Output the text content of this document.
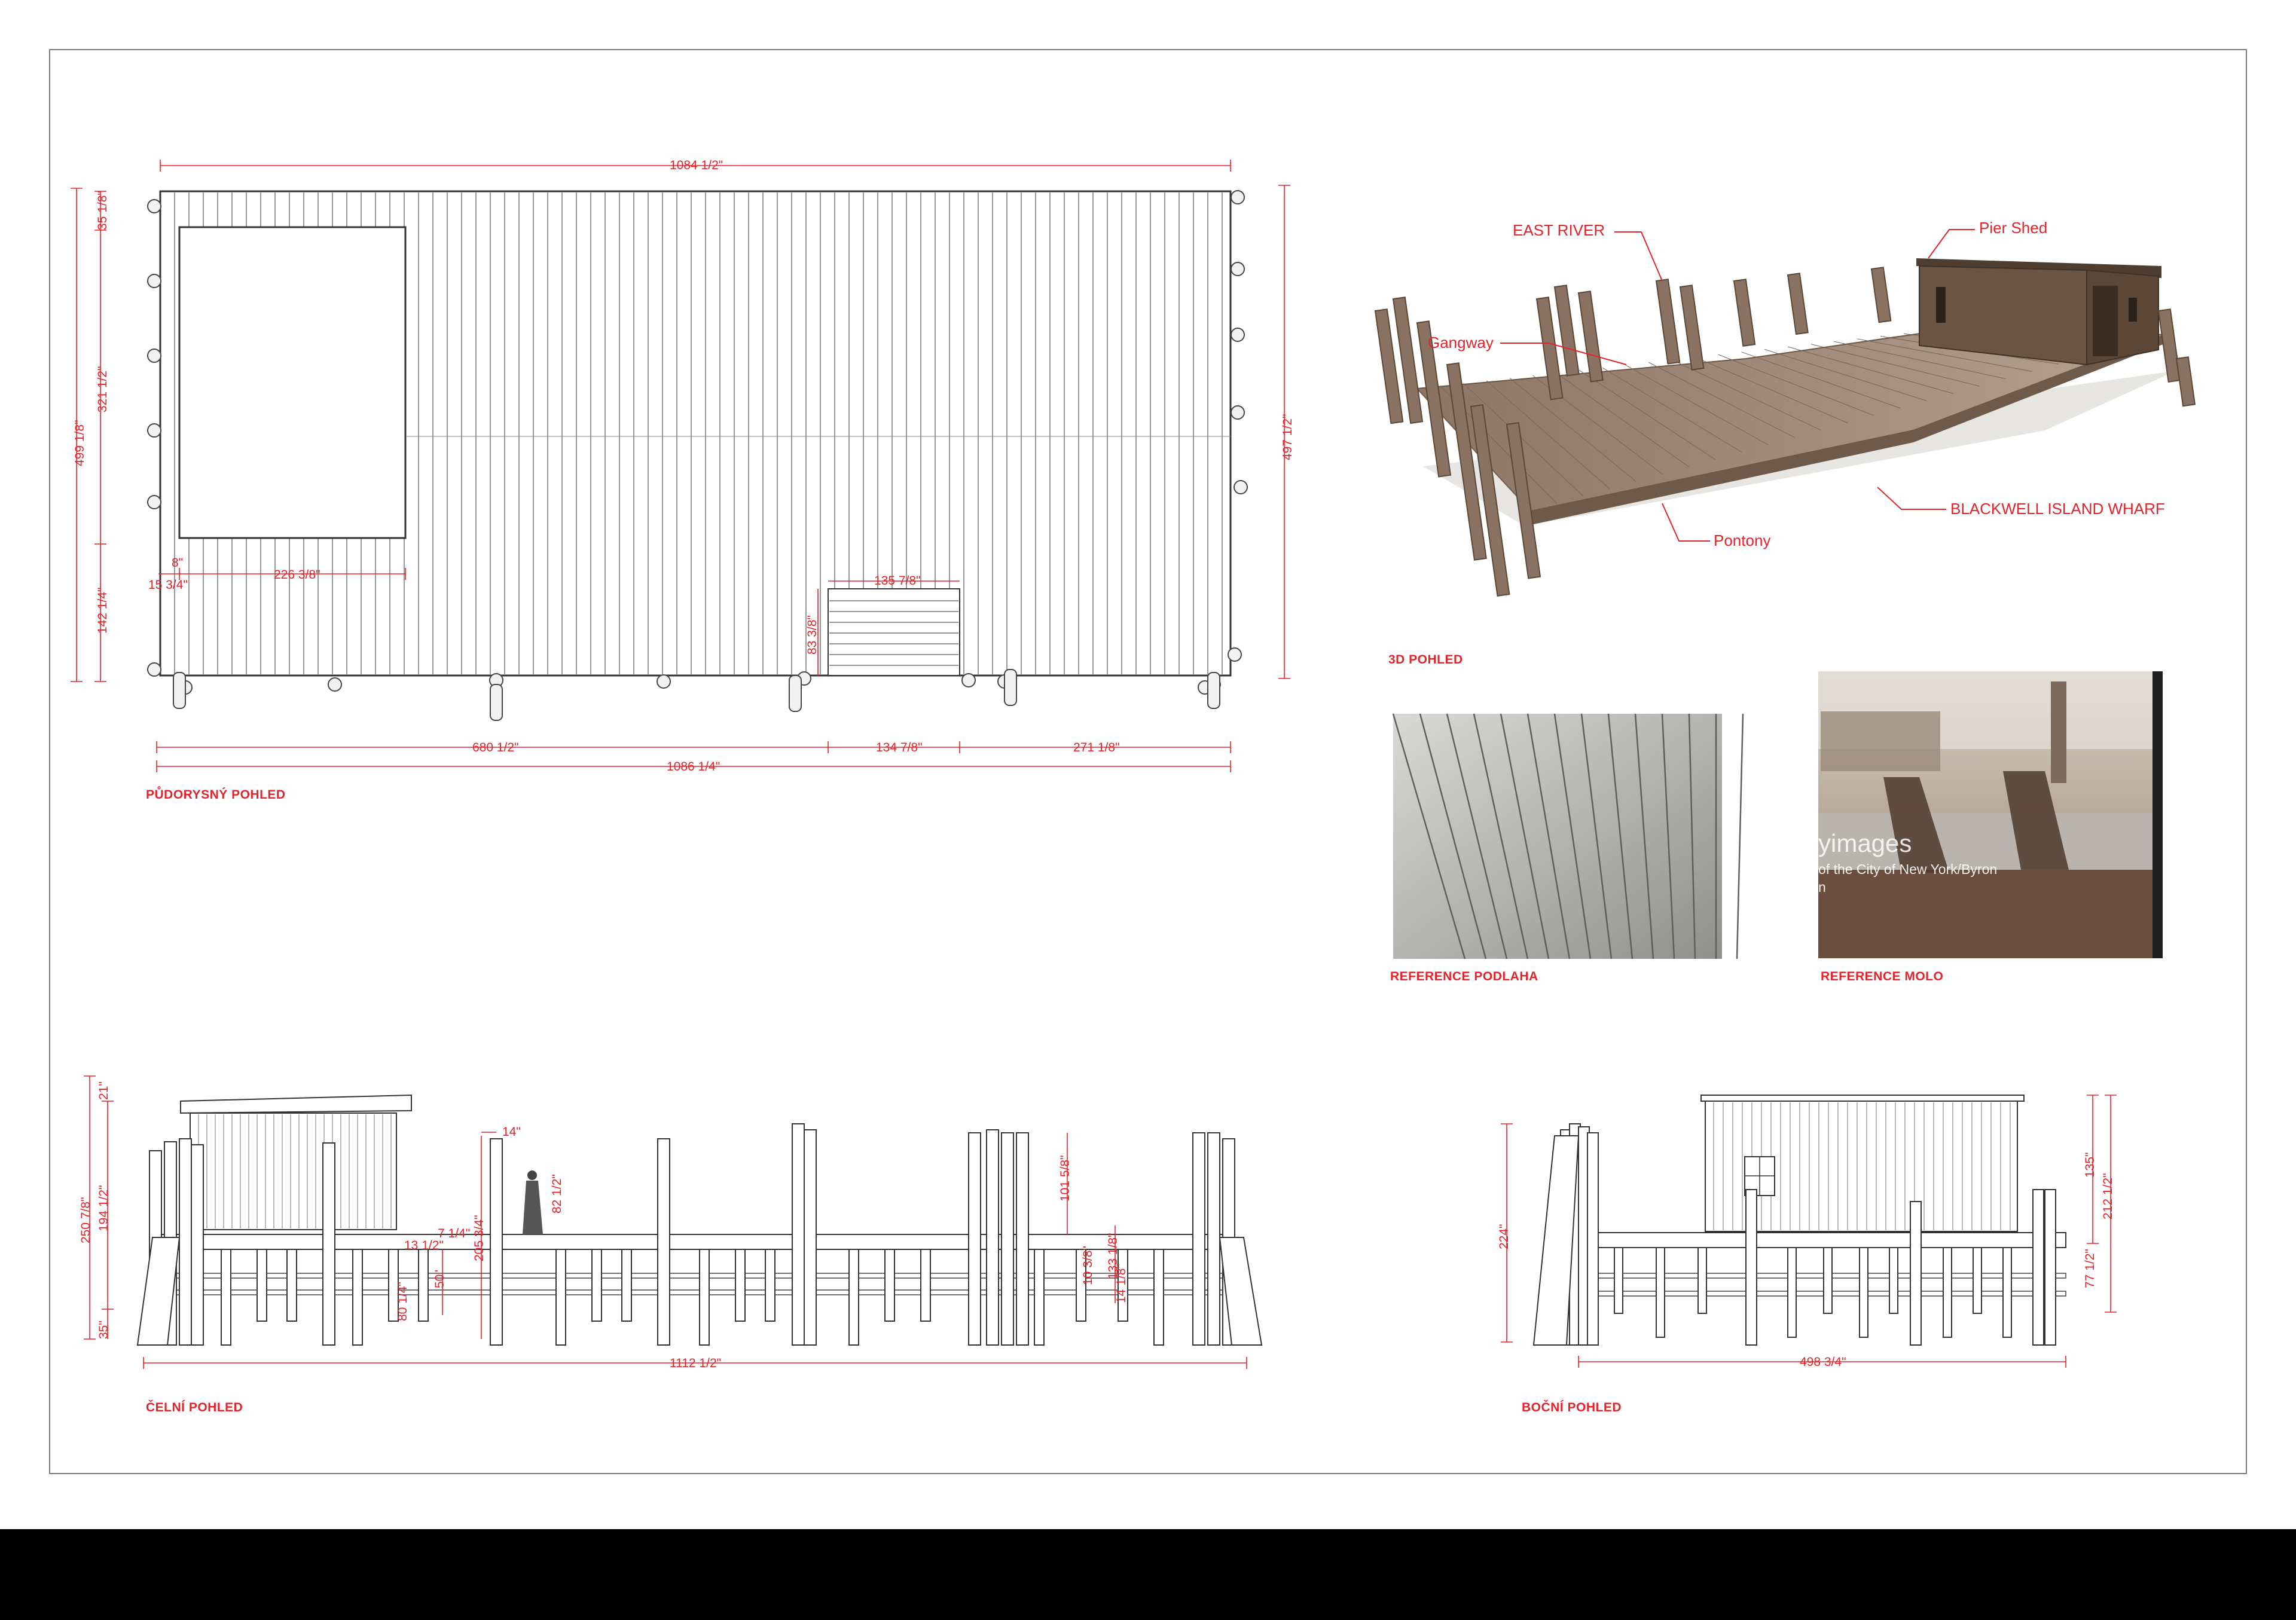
1084 1/2"
499 1/8"
35 1/8"
321 1/2"
142 1/4"
497 1/2"
680 1/2"	134 7/8"	271 1/8"
1086 1/4"
8"
15 3/4"
226 3/8"	135 7/8"
83 3/8"
EAST RIVER	Pier Shed
Gangway
BLACKWELL ISLAND WHARF
Pontony
yimages
of the City of New York/Byron
n
21"
250 7/8" 194 1/2"
35"
14"
205 3/4"
13 1/2"
7 1/4"
50"
80 1/4"
82 1/2"	101 5/8"
133 1/8"
10 3/8" 14 1/8"
1112 1/2"
224"
135"
212 1/2"
77 1/2"
498 3/4"
PŮDORYSNÝ POHLED
3D POHLED
REFERENCE PODLAHA	REFERENCE MOLO
ČELNÍ POHLED	BOČNÍ POHLED
